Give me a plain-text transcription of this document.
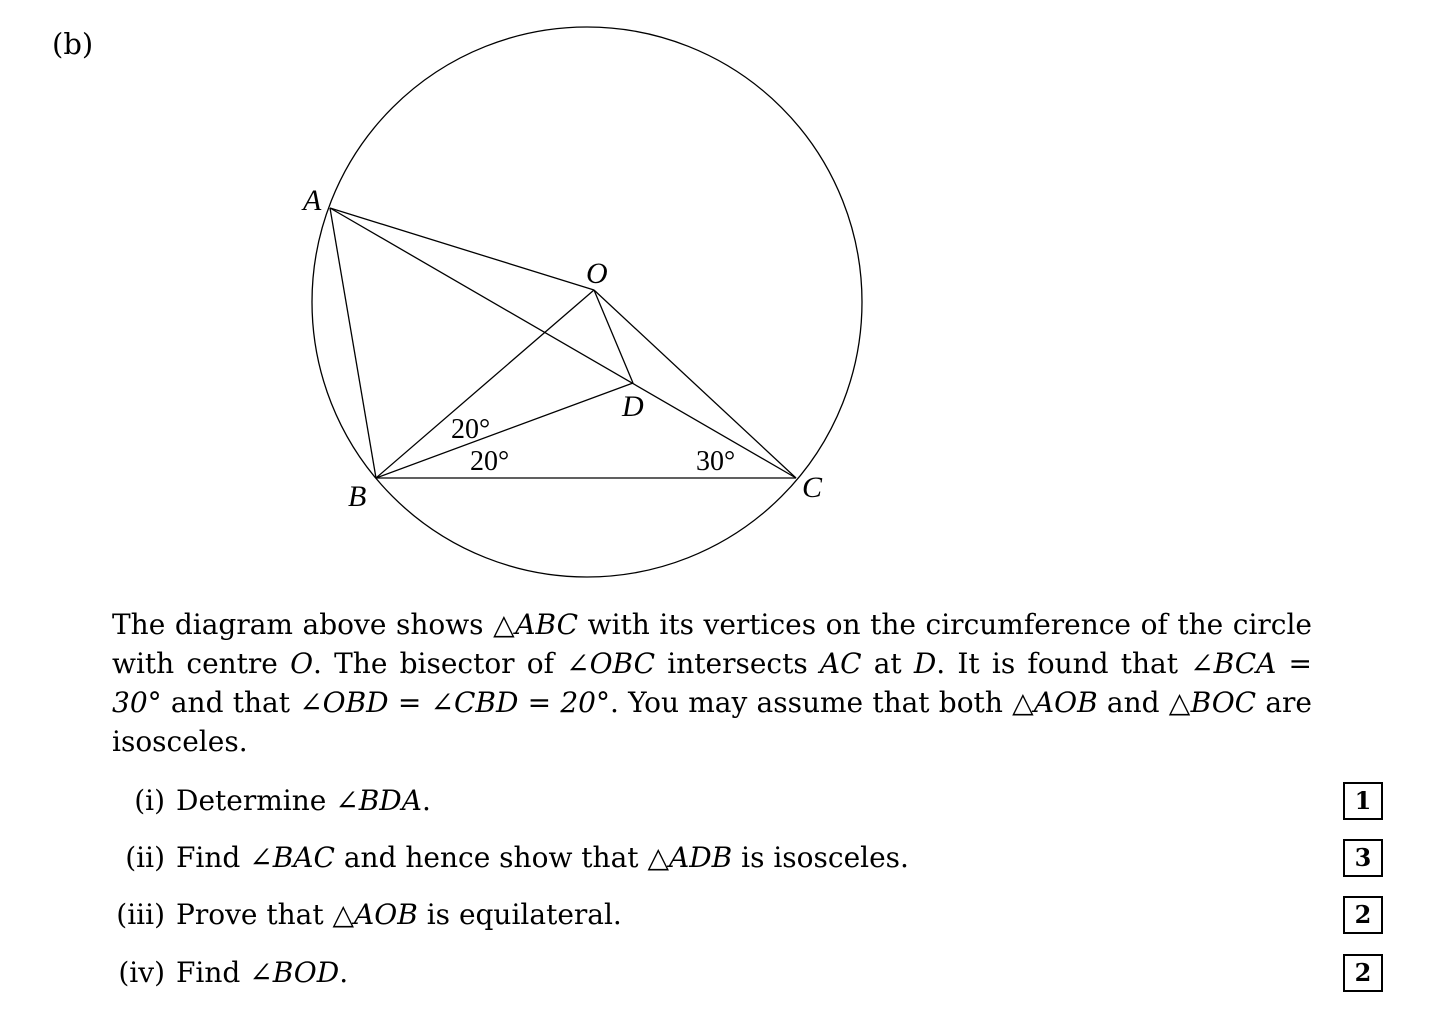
(b)
A
O
D
B	C
20°
20°	30°
The diagram above shows △ABC with its vertices on the circumference of the circle with centre O. The bisector of ∠OBC intersects AC at D. It is found that ∠BCA = 30° and that ∠OBD = ∠CBD = 20°. You may assume that both △AOB and △BOC are isosceles.
(i) Determine ∠BDA.	1
(ii) Find ∠BAC and hence show that △ADB is isosceles.	3
(iii) Prove that △AOB is equilateral.	2
(iv) Find ∠BOD.	2
